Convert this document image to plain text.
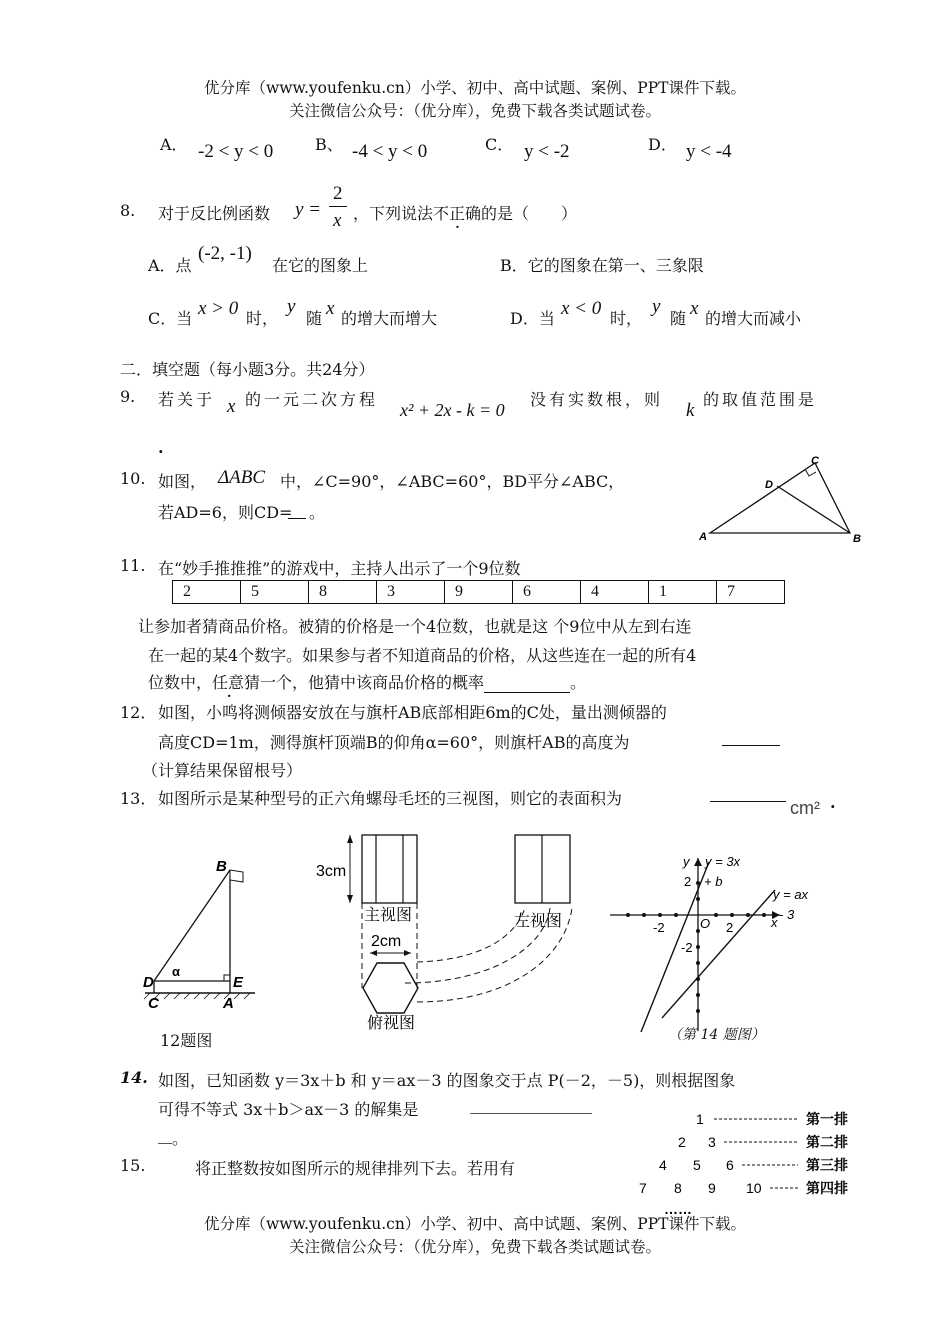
优分库（www.youfenku.cn）小学、初中、高中试题、案例、PPT课件下载。
关注微信公众号：（优分库），免费下载各类试题试卷。
A． -2 < y < 0	B、 -4 < y < 0	C． y < -2	D． y < -4
8. 对于反比例函数 y =
2
x ，下列说法不正确的是（　　）
A．点
(-2, -1)
在它的图象上	B．它的图象在第一、三象限
C．当 x > 0 时，
y
随 x 的增大而增大	D．当 x < 0 时，
y
随 x 的增大而减小
二．填空题（每小题3分。共24分）
9. 若关于 x 的一元二次方程
x² + 2x - k = 0
没有实数根，则
k
的取值范围是
.
10. 如图， ΔABC 中，∠C=90°，∠ABC=60°，BD平分∠ABC，
若AD=6，则CD= 。
A	B
C
D
11. 在“妙手推推推”的游戏中，主持人出示了一个9位数
2	5	8	3	9	6	4	1	7
让参加者猜商品价格。被猜的价格是一个4位数，也就是这 个9位中从左到右连
在一起的某4个数字。如果参与者不知道商品的价格，从这些连在一起的所有4
位数中，任意猜一个，他猜中该商品价格的概率	。
12． 如图，小鸣将测倾器安放在与旗杆AB底部相距6m的C处，量出测倾器的
高度CD=1m，测得旗杆顶端B的仰角α=60°，则旗杆AB的高度为
（计算结果保留根号）
13． 如图所示是某种型号的正六角螺母毛坯的三视图，则它的表面积为	cm² .
B
D
α
E
C	A
12题图
3cm
主视图	左视图
2cm
俯视图
y y = 3x
2 + b
y = ax
- 3
-2	O 2	x
-2
（第 14 题图）
14. 如图，已知函数 y＝3x＋b 和 y＝ax－3 的图象交于点 P(－2，－5)，则根据图象
可得不等式 3x＋b＞ax－3 的解集是
。
15.	将正整数按如图所示的规律排列下去。若用有
1	第一排
2 3	第二排
4 5 6	第三排
7 8 9 10	第四排
……
优分库（www.youfenku.cn）小学、初中、高中试题、案例、PPT课件下载。
关注微信公众号：（优分库），免费下载各类试题试卷。
